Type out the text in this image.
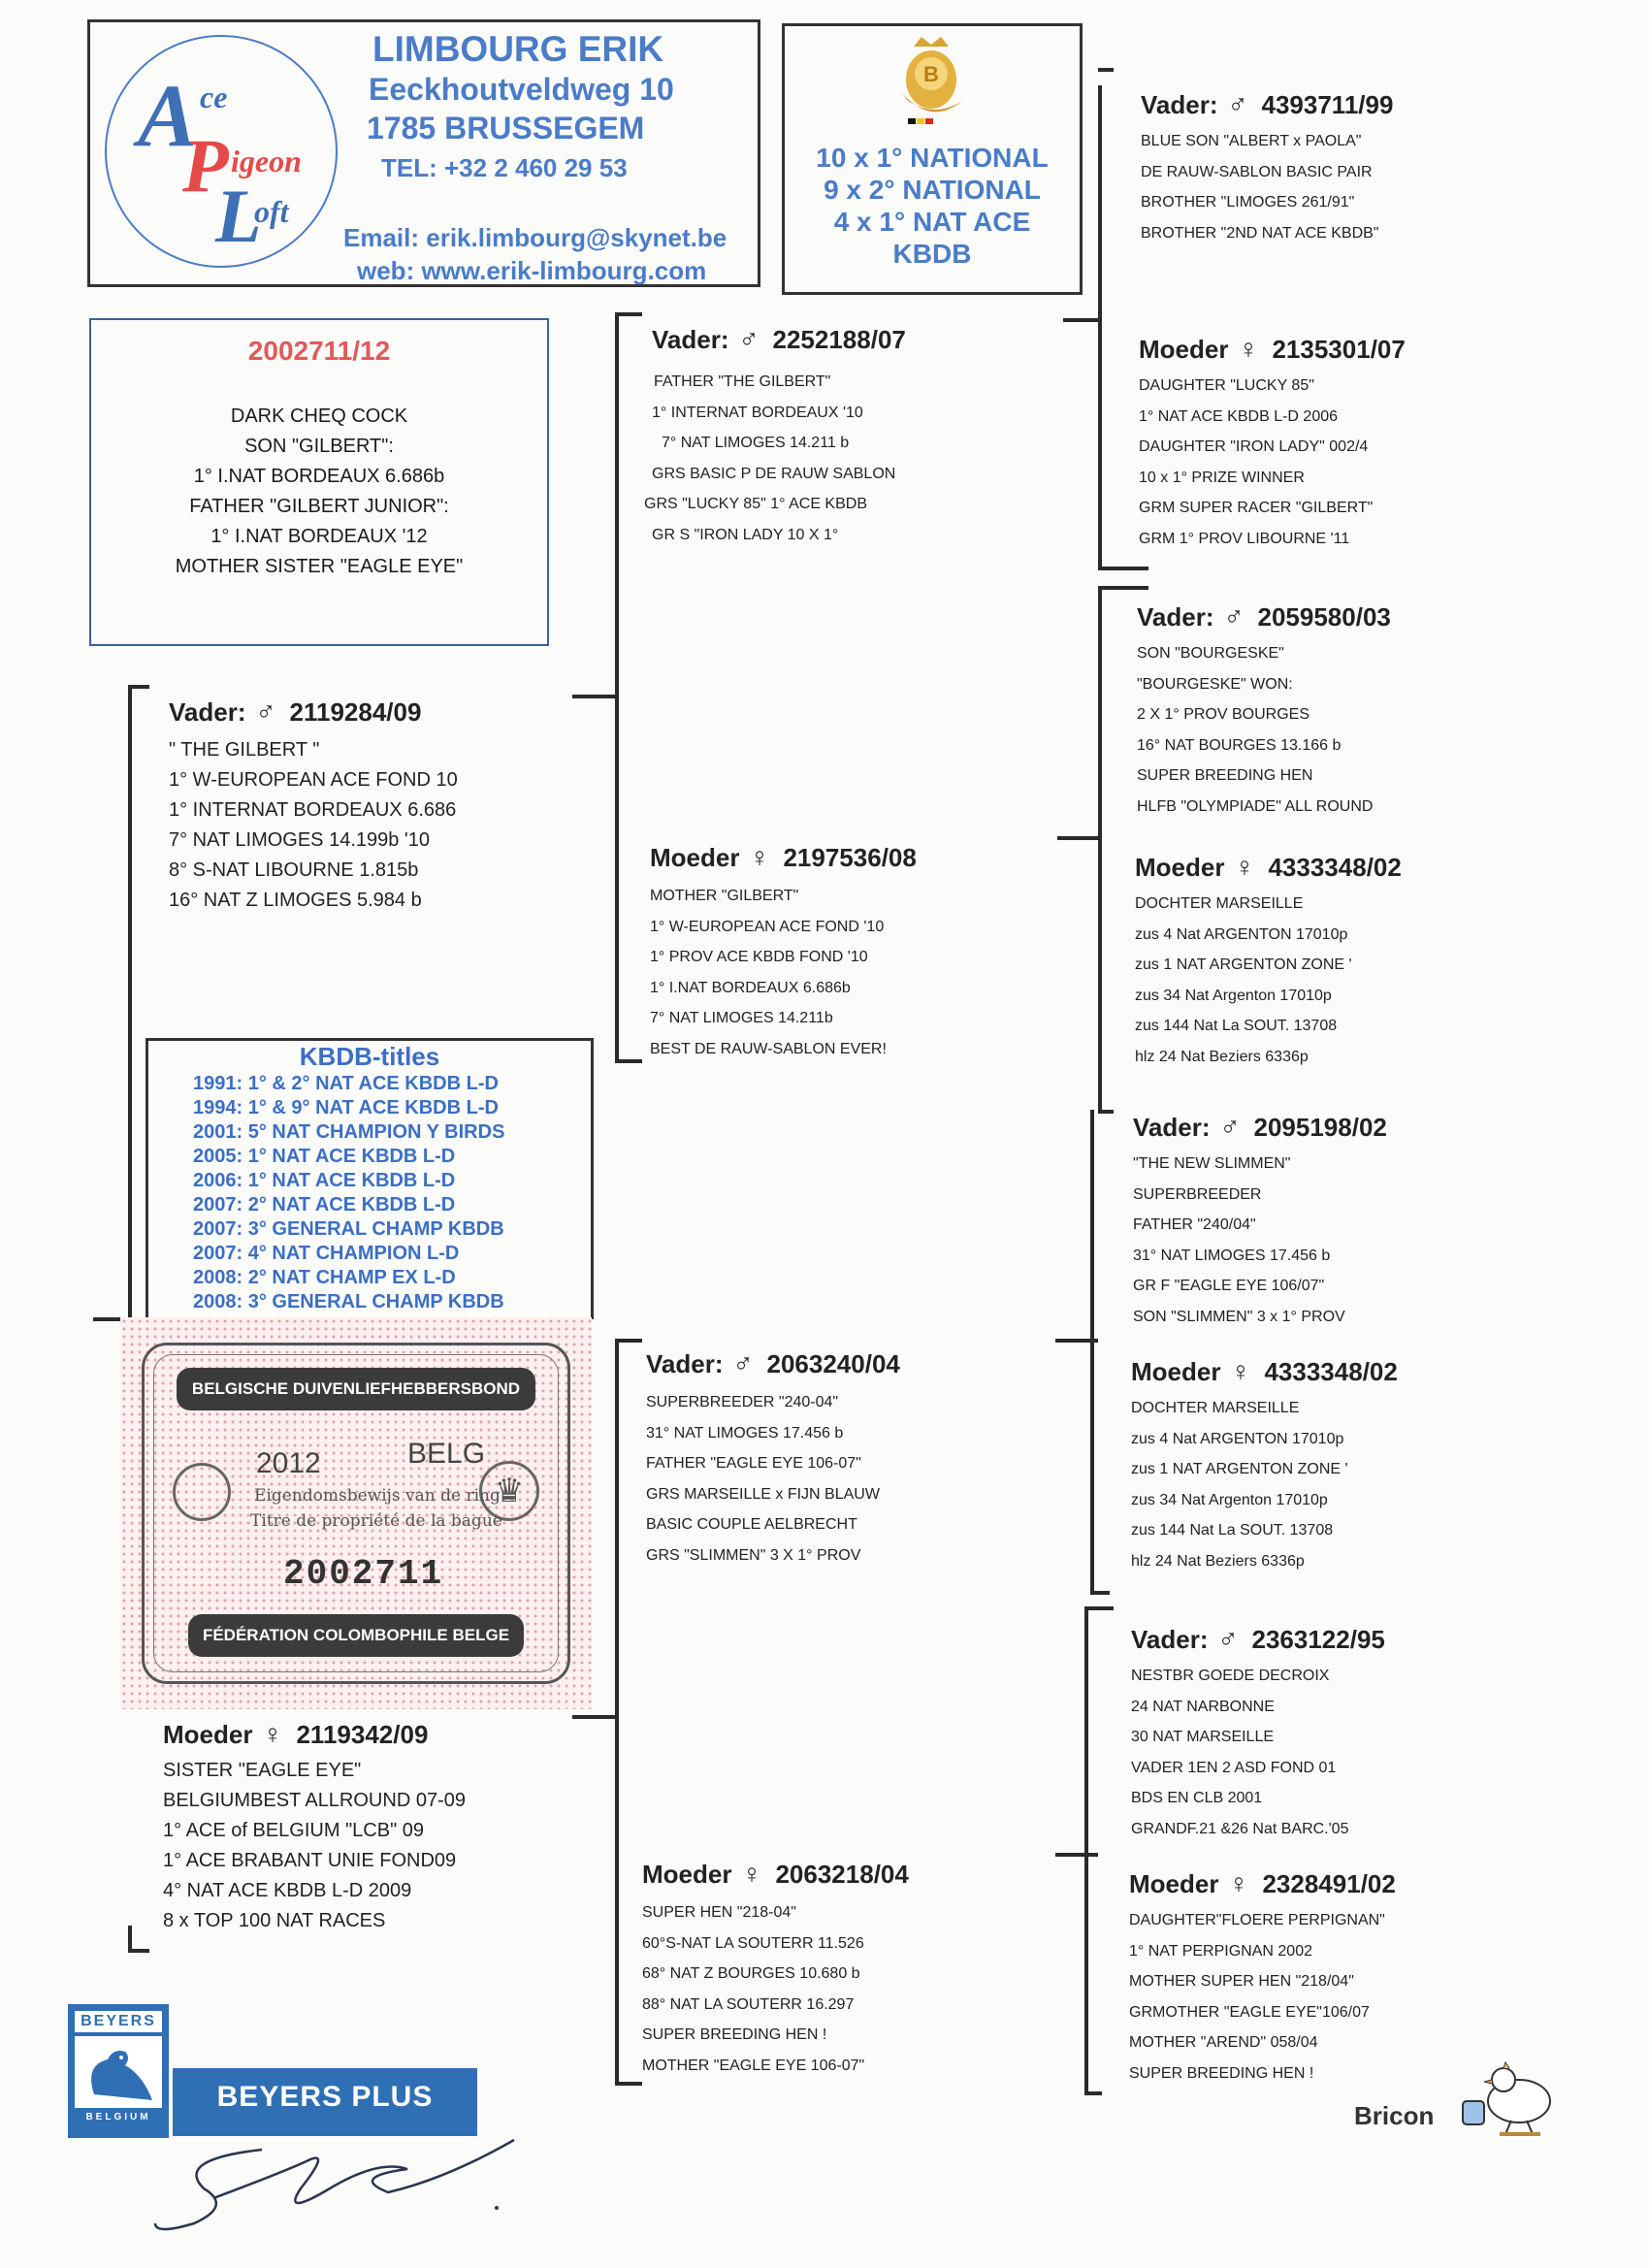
A ce
P igeon
L
oft
LIMBOURG ERIK
Eeckhoutveldweg 10
1785 BRUSSEGEM
TEL: +32 2 460 29 53
Email: erik.limbourg@skynet.be
web: www.erik-limbourg.com
B
10 x 1° NATIONAL
9 x 2° NATIONAL
4 x 1° NAT ACE
KBDB
2002711/12
DARK CHEQ COCK
SON "GILBERT":
1° I.NAT BORDEAUX 6.686b
FATHER "GILBERT JUNIOR":
1° I.NAT BORDEAUX '12
MOTHER SISTER "EAGLE EYE"
Vader: ♂ 2119284/09
" THE GILBERT "
1° W-EUROPEAN ACE FOND 10
1° INTERNAT BORDEAUX 6.686
7° NAT LIMOGES 14.199b '10
8° S-NAT LIBOURNE 1.815b
16° NAT Z LIMOGES 5.984 b
KBDB-titles
1991: 1° & 2° NAT ACE KBDB L-D
1994: 1° & 9° NAT ACE KBDB L-D
2001: 5° NAT CHAMPION Y BIRDS
2005: 1° NAT ACE KBDB L-D
2006: 1° NAT ACE KBDB L-D
2007: 2° NAT ACE KBDB L-D
2007: 3° GENERAL CHAMP KBDB
2007: 4° NAT CHAMPION L-D
2008: 2° NAT CHAMP EX L-D
2008: 3° GENERAL CHAMP KBDB
BELGISCHE DUIVENLIEFHEBBERSBOND
2012	BELG
♛
Eigendomsbewijs van de ring
Titre de propriété de la bague
2002711
FÉDÉRATION COLOMBOPHILE BELGE
Moeder ♀ 2119342/09
SISTER "EAGLE EYE"
BELGIUMBEST ALLROUND 07-09
1° ACE of BELGIUM "LCB" 09
1° ACE BRABANT UNIE FOND09
4° NAT ACE KBDB L-D 2009
8 x TOP 100 NAT RACES
Vader: ♂ 2252188/07
FATHER "THE GILBERT"
1° INTERNAT BORDEAUX '10
7° NAT LIMOGES 14.211 b
GRS BASIC P DE RAUW SABLON
GRS "LUCKY 85" 1° ACE KBDB
GR S "IRON LADY 10 X 1°
Moeder ♀ 2197536/08
MOTHER "GILBERT"
1° W-EUROPEAN ACE FOND '10
1° PROV ACE KBDB FOND '10
1° I.NAT BORDEAUX 6.686b
7° NAT LIMOGES 14.211b
BEST DE RAUW-SABLON EVER!
Vader: ♂ 2063240/04
SUPERBREEDER "240-04"
31° NAT LIMOGES 17.456 b
FATHER "EAGLE EYE 106-07"
GRS MARSEILLE x FIJN BLAUW
BASIC COUPLE AELBRECHT
GRS "SLIMMEN" 3 X 1° PROV
Moeder ♀ 2063218/04
SUPER HEN "218-04"
60°S-NAT LA SOUTERR 11.526
68° NAT Z BOURGES 10.680 b
88° NAT LA SOUTERR 16.297
SUPER BREEDING HEN !
MOTHER "EAGLE EYE 106-07"
Vader: ♂ 4393711/99
BLUE SON "ALBERT x PAOLA"
DE RAUW-SABLON BASIC PAIR
BROTHER "LIMOGES 261/91"
BROTHER "2ND NAT ACE KBDB"
Moeder ♀ 2135301/07
DAUGHTER "LUCKY 85"
1° NAT ACE KBDB L-D 2006
DAUGHTER "IRON LADY" 002/4
10 x 1° PRIZE WINNER
GRM SUPER RACER "GILBERT"
GRM 1° PROV LIBOURNE '11
Vader: ♂ 2059580/03
SON "BOURGESKE"
"BOURGESKE" WON:
2 X 1° PROV BOURGES
16° NAT BOURGES 13.166 b
SUPER BREEDING HEN
HLFB "OLYMPIADE" ALL ROUND
Moeder ♀ 4333348/02
DOCHTER MARSEILLE
zus 4 Nat ARGENTON 17010p
zus 1 NAT ARGENTON ZONE '
zus 34 Nat Argenton 17010p
zus 144 Nat La SOUT. 13708
hlz 24 Nat Beziers 6336p
Vader: ♂ 2095198/02
"THE NEW SLIMMEN"
SUPERBREEDER
FATHER "240/04"
31° NAT LIMOGES 17.456 b
GR F "EAGLE EYE 106/07"
SON "SLIMMEN" 3 x 1° PROV
Moeder ♀ 4333348/02
DOCHTER MARSEILLE
zus 4 Nat ARGENTON 17010p
zus 1 NAT ARGENTON ZONE '
zus 34 Nat Argenton 17010p
zus 144 Nat La SOUT. 13708
hlz 24 Nat Beziers 6336p
Vader: ♂ 2363122/95
NESTBR GOEDE DECROIX
24 NAT NARBONNE
30 NAT MARSEILLE
VADER 1EN 2 ASD FOND 01
BDS EN CLB 2001
GRANDF.21 &26 Nat BARC.'05
Moeder ♀ 2328491/02
DAUGHTER"FLOERE PERPIGNAN"
1° NAT PERPIGNAN 2002
MOTHER SUPER HEN "218/04"
GRMOTHER "EAGLE EYE"106/07
MOTHER "AREND" 058/04
SUPER BREEDING HEN !
BEYERS
BELGIUM
BEYERS PLUS
Bricon
